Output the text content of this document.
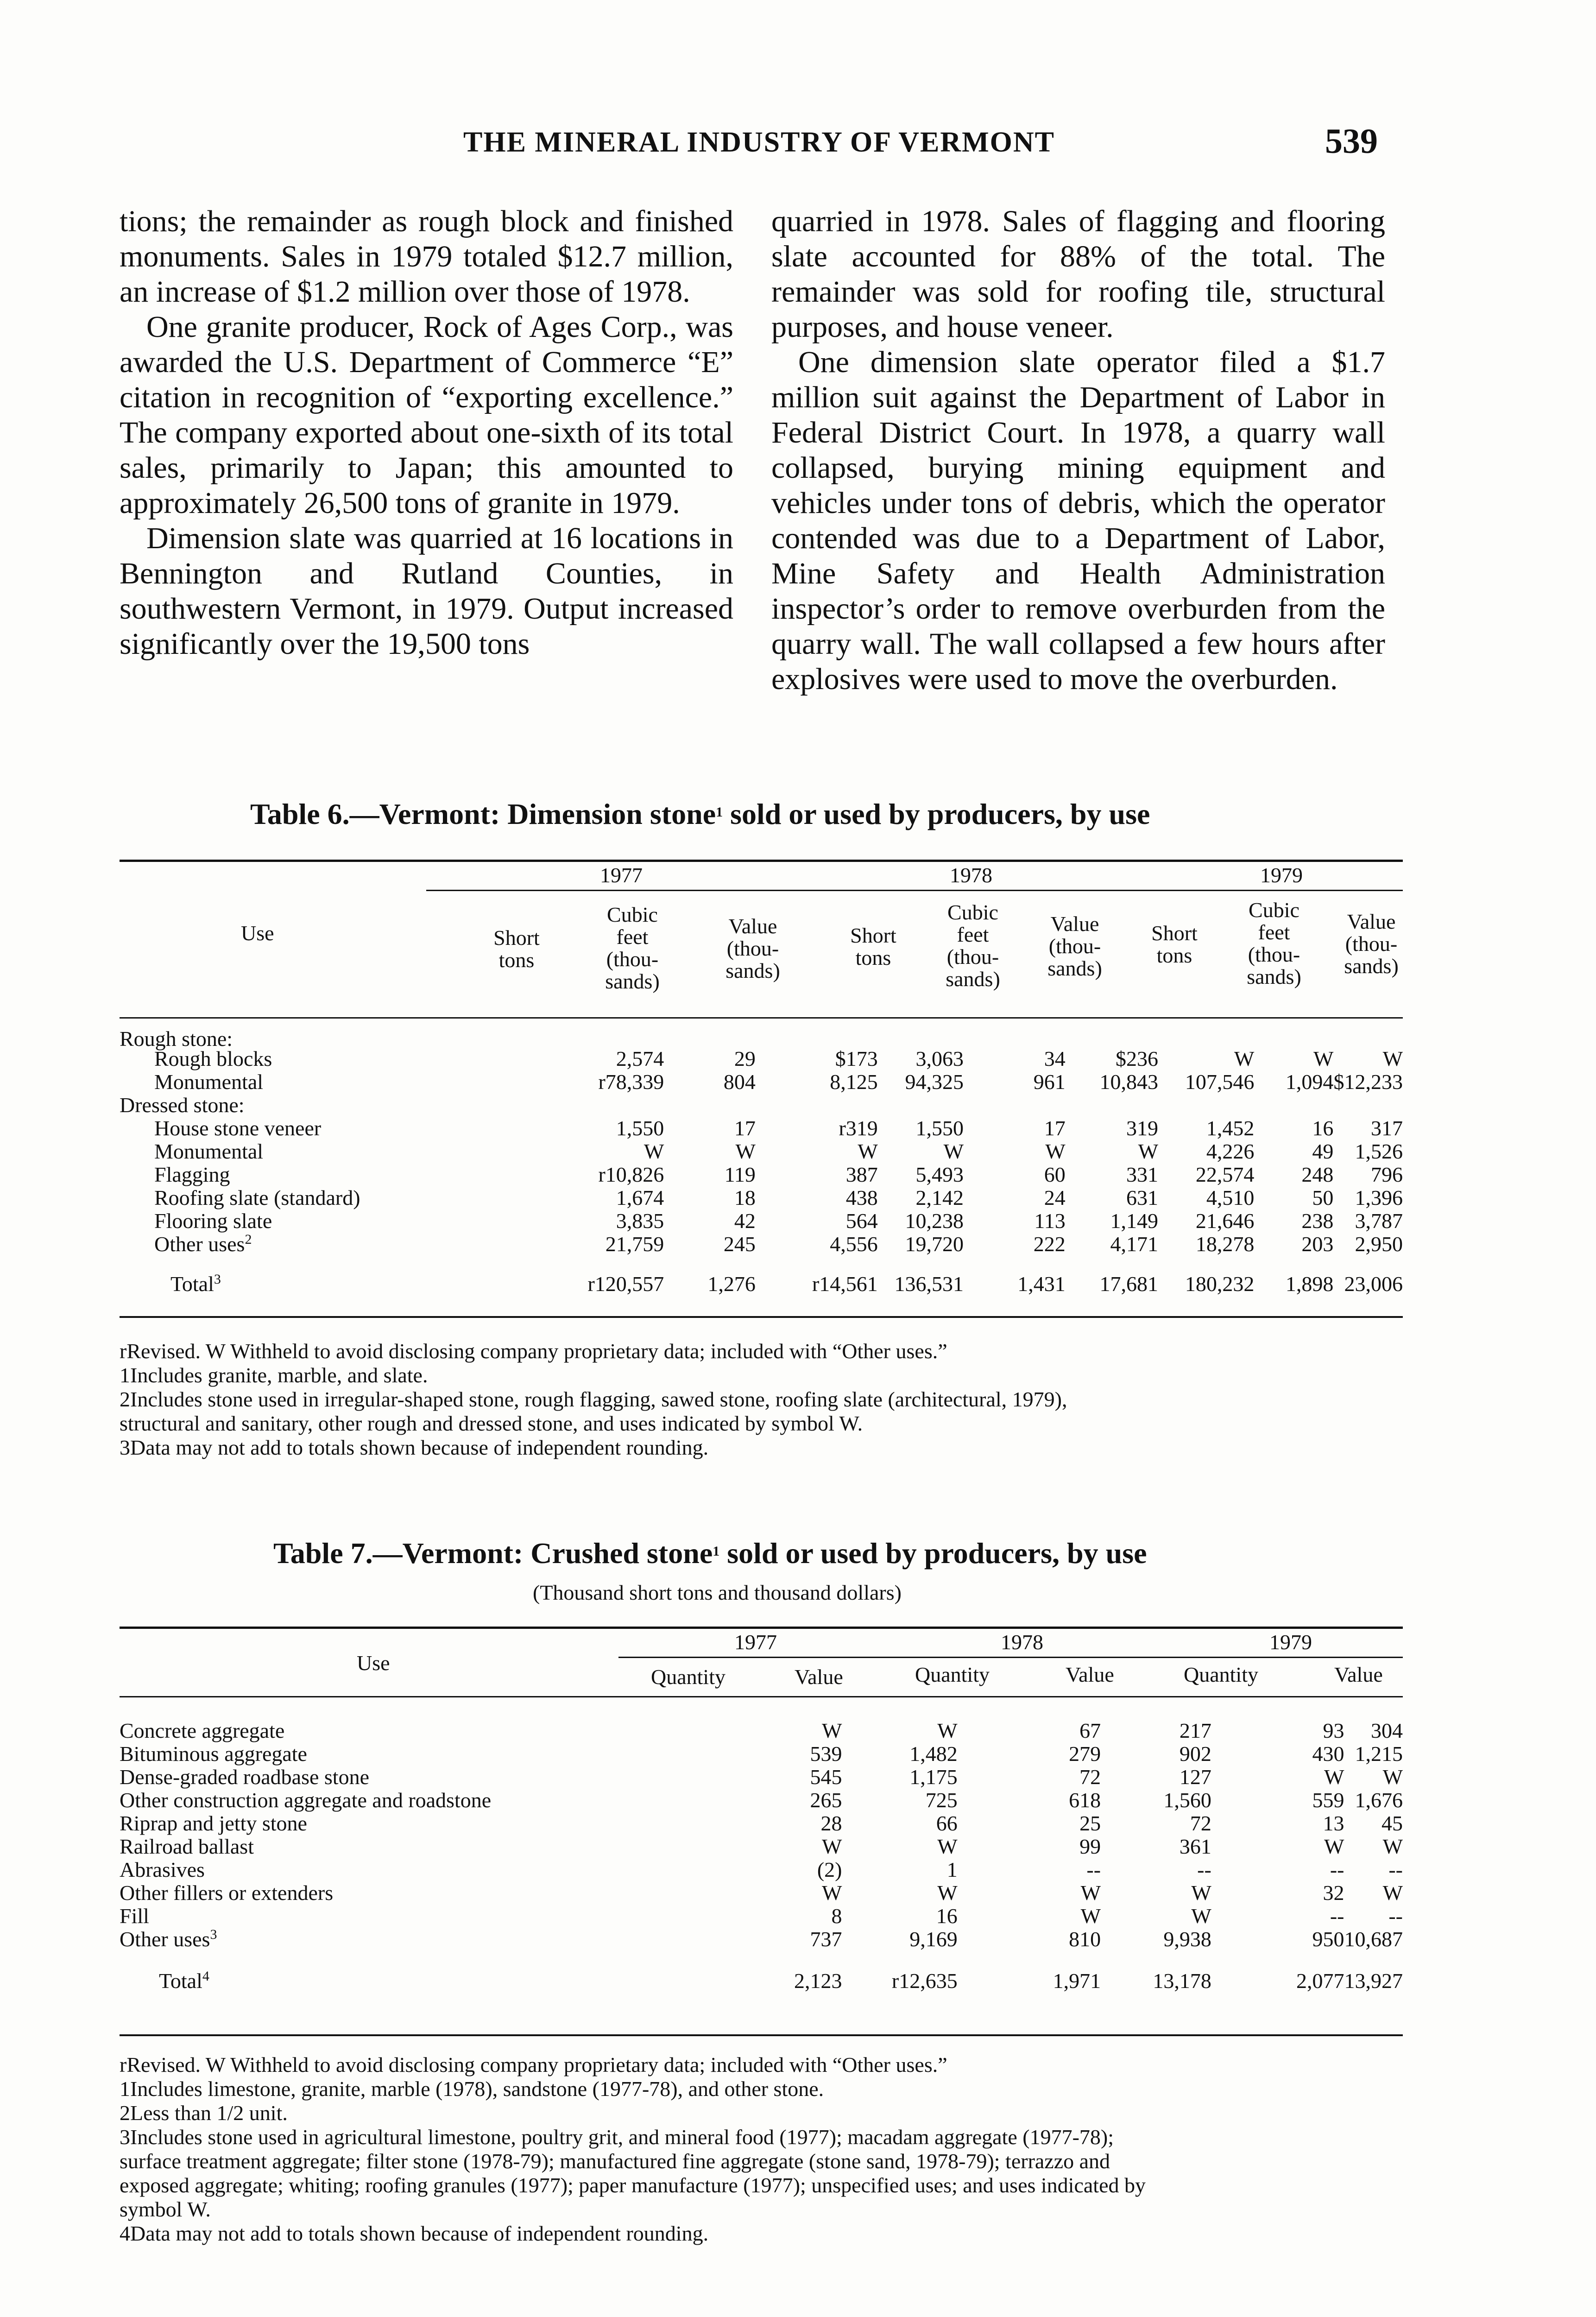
THE MINERAL INDUSTRY OF VERMONT	539

tions; the remainder as rough block and finished monuments. Sales in 1979 totaled $12.7 million, an increase of $1.2 million over those of 1978.

One granite producer, Rock of Ages Corp., was awarded the U.S. Department of Commerce “E” citation in recognition of “exporting excellence.” The company exported about one-sixth of its total sales, primarily to Japan; this amounted to approximately 26,500 tons of granite in 1979.

Dimension slate was quarried at 16 locations in Bennington and Rutland Counties, in southwestern Vermont, in 1979. Output increased significantly over the 19,500 tons

quarried in 1978. Sales of flagging and flooring slate accounted for 88% of the total. The remainder was sold for roofing tile, structural purposes, and house veneer.

One dimension slate operator filed a $1.7 million suit against the Department of Labor in Federal District Court. In 1978, a quarry wall collapsed, burying mining equipment and vehicles under tons of debris, which the operator contended was due to a Department of Labor, Mine Safety and Health Administration inspector’s order to remove overburden from the quarry wall. The wall collapsed a few hours after explosives were used to move the overburden.

Table 6.—Vermont: Dimension stone$^1$ sold or used by producers, by use
Use
1977	1978	1979
Short tons
Cubic feet (thou- sands)
Value (thou- sands)
Short tons
Cubic feet (thou- sands)
Value (thou- sands)
Short tons
Cubic feet (thou- sands)
Value (thou- sands)
Rough stone:
Rough blocks	2,574	29	$173	3,063	34	$236	W	W	W
Monumental	r78,339	804	8,125	94,325	961	10,843	107,546	1,094	$12,233
Dressed stone:									
House stone veneer	1,550	17	r319	1,550	17	319	1,452	16	317
Monumental	W	W	W	W	W	W	4,226	49	1,526
Flagging	r10,826	119	387	5,493	60	331	22,574	248	796
Roofing slate (standard)	1,674	18	438	2,142	24	631	4,510	50	1,396
Flooring slate	3,835	42	564	10,238	113	1,149	21,646	238	3,787
Other uses$^2$	21,759	245	4,556	19,720	222	4,171	18,278	203	2,950

Total$^3$	r120,557	1,276	r14,561	136,531	1,431	17,681	180,232	1,898	23,006
rRevised. W Withheld to avoid disclosing company proprietary data; included with “Other uses.”
1Includes granite, marble, and slate.
2Includes stone used in irregular-shaped stone, rough flagging, sawed stone, roofing slate (architectural, 1979),
structural and sanitary, other rough and dressed stone, and uses indicated by symbol W.
3Data may not add to totals shown because of independent rounding.
Table 7.—Vermont: Crushed stone$^1$ sold or used by producers, by use
(Thousand short tons and thousand dollars)
Use
1977	1978	1979
Quantity	Value	Quantity	Value	Quantity	Value
Concrete aggregate	W	W	67	217	93	304
Bituminous aggregate	539	1,482	279	902	430	1,215
Dense-graded roadbase stone	545	1,175	72	127	W	W
Other construction aggregate and roadstone	265	725	618	1,560	559	1,676
Riprap and jetty stone	28	66	25	72	13	45
Railroad ballast	W	W	99	361	W	W
Abrasives	(2)	1	--	--	--	--
Other fillers or extenders	W	W	W	W	32	W
Fill	8	16	W	W	--	--
Other uses$^3$	737	9,169	810	9,938	950	10,687

Total$^4$	2,123	r12,635	1,971	13,178	2,077	13,927
rRevised. W Withheld to avoid disclosing company proprietary data; included with “Other uses.”
1Includes limestone, granite, marble (1978), sandstone (1977-78), and other stone.
2Less than 1/2 unit.
3Includes stone used in agricultural limestone, poultry grit, and mineral food (1977); macadam aggregate (1977-78);
surface treatment aggregate; filter stone (1978-79); manufactured fine aggregate (stone sand, 1978-79); terrazzo and
exposed aggregate; whiting; roofing granules (1977); paper manufacture (1977); unspecified uses; and uses indicated by
symbol W.
4Data may not add to totals shown because of independent rounding.
